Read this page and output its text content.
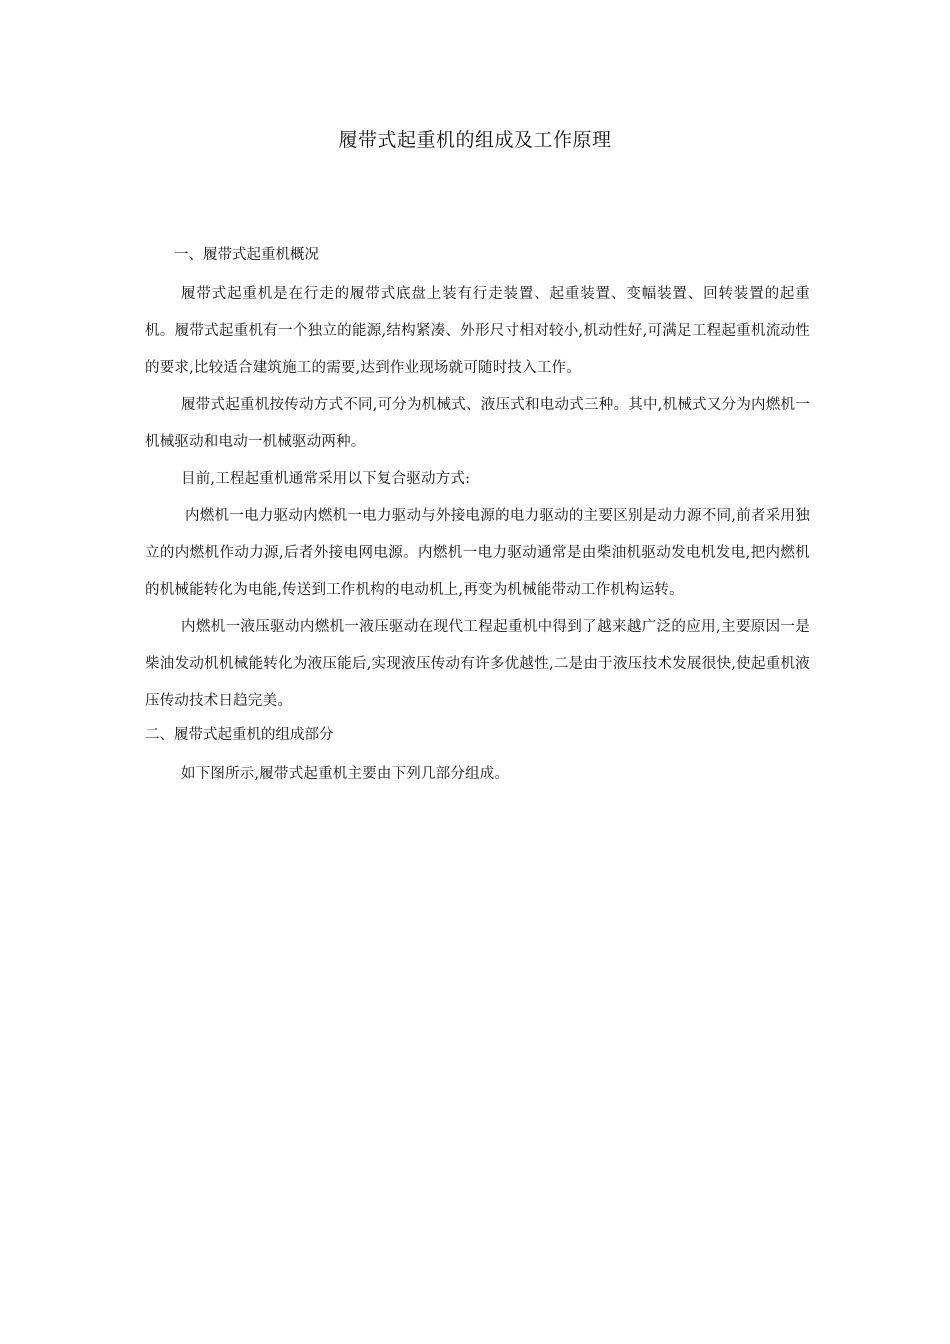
履带式起重机的组成及工作原理
一、履带式起重机概况

履带式起重机是在行走的履带式底盘上装有行走装置、起重装置、变幅装置、回转装置的起重机。履带式起重机有一个独立的能源,结构紧凑、外形尺寸相对较小,机动性好,可满足工程起重机流动性的要求,比较适合建筑施工的需要,达到作业现场就可随时技入工作。

履带式起重机按传动方式不同,可分为机械式、液压式和电动式三种。其中,机械式又分为内燃机一机械驱动和电动一机械驱动两种。

目前,工程起重机通常采用以下复合驱动方式:

内燃机一电力驱动内燃机一电力驱动与外接电源的电力驱动的主要区别是动力源不同,前者采用独立的内燃机作动力源,后者外接电网电源。内燃机一电力驱动通常是由柴油机驱动发电机发电,把内燃机的机械能转化为电能,传送到工作机构的电动机上,再变为机械能带动工作机构运转。

内燃机一液压驱动内燃机一液压驱动在现代工程起重机中得到了越来越广泛的应用,主要原因一是柴油发动机机械能转化为液压能后,实现液压传动有许多优越性,二是由于液压技术发展很快,使起重机液压传动技术日趋完美。

二、履带式起重机的组成部分

如下图所示,履带式起重机主要由下列几部分组成。
